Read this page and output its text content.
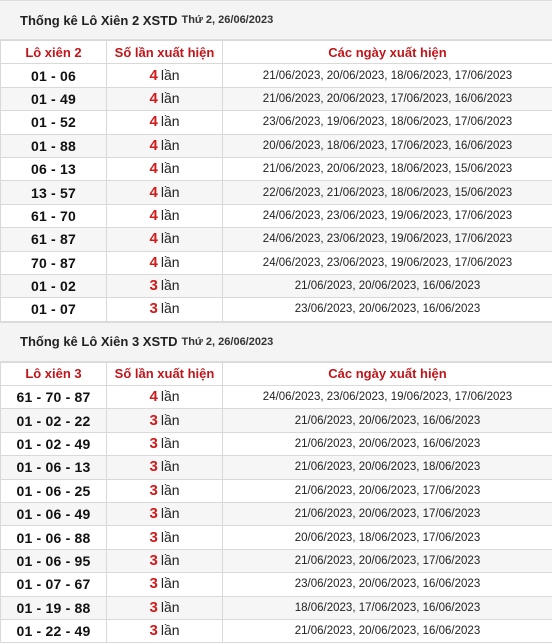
Thống kê Lô Xiên 2 XSTD Thứ 2, 26/06/2023
Lô xiên 2	Số lần xuất hiện	Các ngày xuất hiện
01 - 06	4 lần	21/06/2023, 20/06/2023, 18/06/2023, 17/06/2023
01 - 49	4 lần	21/06/2023, 20/06/2023, 17/06/2023, 16/06/2023
01 - 52	4 lần	23/06/2023, 19/06/2023, 18/06/2023, 17/06/2023
01 - 88	4 lần	20/06/2023, 18/06/2023, 17/06/2023, 16/06/2023
06 - 13	4 lần	21/06/2023, 20/06/2023, 18/06/2023, 15/06/2023
13 - 57	4 lần	22/06/2023, 21/06/2023, 18/06/2023, 15/06/2023
61 - 70	4 lần	24/06/2023, 23/06/2023, 19/06/2023, 17/06/2023
61 - 87	4 lần	24/06/2023, 23/06/2023, 19/06/2023, 17/06/2023
70 - 87	4 lần	24/06/2023, 23/06/2023, 19/06/2023, 17/06/2023
01 - 02	3 lần	21/06/2023, 20/06/2023, 16/06/2023
01 - 07	3 lần	23/06/2023, 20/06/2023, 16/06/2023
Thống kê Lô Xiên 3 XSTD Thứ 2, 26/06/2023
Lô xiên 3	Số lần xuất hiện	Các ngày xuất hiện
61 - 70 - 87	4 lần	24/06/2023, 23/06/2023, 19/06/2023, 17/06/2023
01 - 02 - 22	3 lần	21/06/2023, 20/06/2023, 16/06/2023
01 - 02 - 49	3 lần	21/06/2023, 20/06/2023, 16/06/2023
01 - 06 - 13	3 lần	21/06/2023, 20/06/2023, 18/06/2023
01 - 06 - 25	3 lần	21/06/2023, 20/06/2023, 17/06/2023
01 - 06 - 49	3 lần	21/06/2023, 20/06/2023, 17/06/2023
01 - 06 - 88	3 lần	20/06/2023, 18/06/2023, 17/06/2023
01 - 06 - 95	3 lần	21/06/2023, 20/06/2023, 17/06/2023
01 - 07 - 67	3 lần	23/06/2023, 20/06/2023, 16/06/2023
01 - 19 - 88	3 lần	18/06/2023, 17/06/2023, 16/06/2023
01 - 22 - 49	3 lần	21/06/2023, 20/06/2023, 16/06/2023
